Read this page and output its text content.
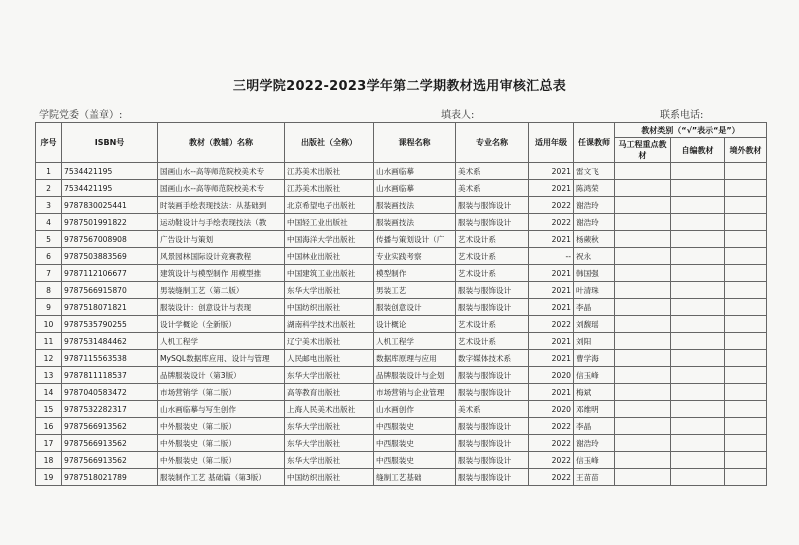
三明学院2022-2023学年第二学期教材选用审核汇总表
学院党委（盖章）:	填表人:	联系电话:
序号	ISBN号	教材（教辅）名称	出版社（全称）	课程名称	专业名称	适用年级	任课教师	教材类别（“√”表示“是”）		
								马工程重点教材	自编教材	境外教材
1	7534421195	国画山水--高等师范院校美术专	江苏美术出版社	山水画临摹	美术系	2021	雷文飞			
2	7534421195	国画山水--高等师范院校美术专	江苏美术出版社	山水画临摹	美术系	2021	陈鸿荣			
3	9787830025441	时装画手绘表现技法：从基础到	北京希望电子出版社	服装画技法	服装与服饰设计	2022	谢浩玲			
4	9787501991822	运动鞋设计与手绘表现技法（教	中国轻工业出版社	服装画技法	服装与服饰设计	2022	谢浩玲			
5	9787567008908	广告设计与策划	中国海洋大学出版社	传播与策划设计（广	艺术设计系	2021	杨蕨秋			
6	9787503883569	风景园林国际设计竞赛教程	中国林业出版社	专业实践考察	艺术设计系	--	祝永			
7	9787112106677	建筑设计与模型制作 用模型推	中国建筑工业出版社	模型制作	艺术设计系	2021	韩国强			
8	9787566915870	男装缝制工艺（第二版）	东华大学出版社	男装工艺	服装与服饰设计	2021	叶清珠			
9	9787518071821	服装设计：创意设计与表现	中国纺织出版社	服装创意设计	服装与服饰设计	2021	李晶			
10	9787535790255	设计学概论（全新版）	湖南科学技术出版社	设计概论	艺术设计系	2022	刘馥瑶			
11	9787531484462	人机工程学	辽宁美术出版社	人机工程学	艺术设计系	2021	刘阳			
12	9787115563538	MySQL数据库应用、设计与管理	人民邮电出版社	数据库原理与应用	数字媒体技术系	2021	曹学海			
13	9787811118537	品牌服装设计（第3版）	东华大学出版社	品牌服装设计与企划	服装与服饰设计	2020	信玉峰			
14	9787040583472	市场营销学（第二版）	高等教育出版社	市场营销与企业管理	服装与服饰设计	2021	梅斌			
15	9787532282317	山水画临摹与写生创作	上海人民美术出版社	山水画创作	美术系	2020	邓维明			
16	9787566913562	中外服装史（第二版）	东华大学出版社	中西服装史	服装与服饰设计	2022	李晶			
17	9787566913562	中外服装史（第二版）	东华大学出版社	中西服装史	服装与服饰设计	2022	谢浩玲			
18	9787566913562	中外服装史（第二版）	东华大学出版社	中西服装史	服装与服饰设计	2022	信玉峰			
19	9787518021789	服装制作工艺 基础篇（第3版）	中国纺织出版社	缝制工艺基础	服装与服饰设计	2022	王苗苗			
